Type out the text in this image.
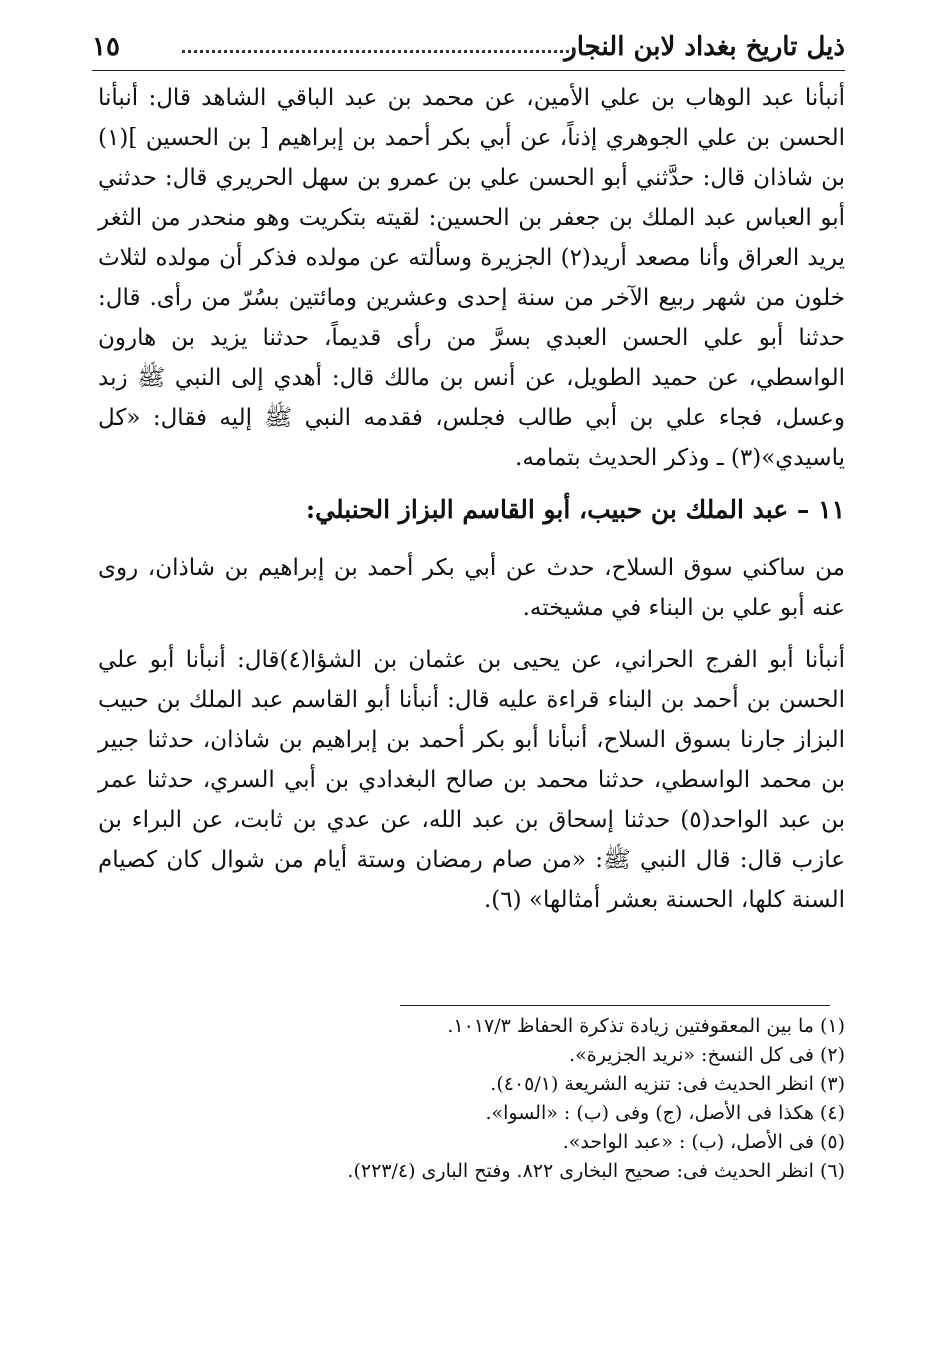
ذيل تاريخ بغداد لابن النجار
١٥
أنبأنا عبد الوهاب بن علي الأمين، عن محمد بن عبد الباقي الشاهد قال: أنبأنا الحسن بن علي الجوهري إذناً، عن أبي بكر أحمد بن إبراهيم [ بن الحسين ](١) بن شاذان قال: حدَّثني أبو الحسن علي بن عمرو بن سهل الحريري قال: حدثني أبو العباس عبد الملك بن جعفر بن الحسين: لقيته بتكريت وهو منحدر من الثغر يريد العراق وأنا مصعد أريد(٢) الجزيرة وسألته عن مولده فذكر أن مولده لثلاث خلون من شهر ربيع الآخر من سنة إحدى وعشرين ومائتين بسُرّ من رأى. قال: حدثنا أبو علي الحسن العبدي بسرَّ من رأى قديماً، حدثنا يزيد بن هارون الواسطي، عن حميد الطويل، عن أنس بن مالك قال: أهدي إلى النبي ﷺ زبد وعسل، فجاء علي بن أبي طالب فجلس، فقدمه النبي ﷺ إليه فقال: «كل ياسيدي»(٣) ـ وذكر الحديث بتمامه.
١١ – عبد الملك بن حبيب، أبو القاسم البزاز الحنبلي:
من ساكني سوق السلاح، حدث عن أبي بكر أحمد بن إبراهيم بن شاذان، روى عنه أبو علي بن البناء في مشيخته.
أنبأنا أبو الفرج الحراني، عن يحيى بن عثمان بن الشؤا(٤)قال: أنبأنا أبو علي الحسن بن أحمد بن البناء قراءة عليه قال: أنبأنا أبو القاسم عبد الملك بن حبيب البزاز جارنا بسوق السلاح، أنبأنا أبو بكر أحمد بن إبراهيم بن شاذان، حدثنا جبير بن محمد الواسطي، حدثنا محمد بن صالح البغدادي بن أبي السري، حدثنا عمر بن عبد الواحد(٥) حدثنا إسحاق بن عبد الله، عن عدي بن ثابت، عن البراء بن عازب قال: قال النبي ﷺ: «من صام رمضان وستة أيام من شوال كان كصيام السنة كلها، الحسنة بعشر أمثالها» (٦).
(١) ما بين المعقوفتين زيادة تذكرة الحفاظ ١٠١٧/٣.
(٢) فى كل النسخ: «نريد الجزيرة».
(٣) انظر الحديث فى: تنزيه الشريعة (٤٠٥/١).
(٤) هكذا فى الأصل، (ج) وفى (ب) : «السوا».
(٥) فى الأصل، (ب) : «عبد الواحد».
(٦) انظر الحديث فى: صحيح البخارى ٨٢٢. وفتح البارى (٢٢٣/٤).
